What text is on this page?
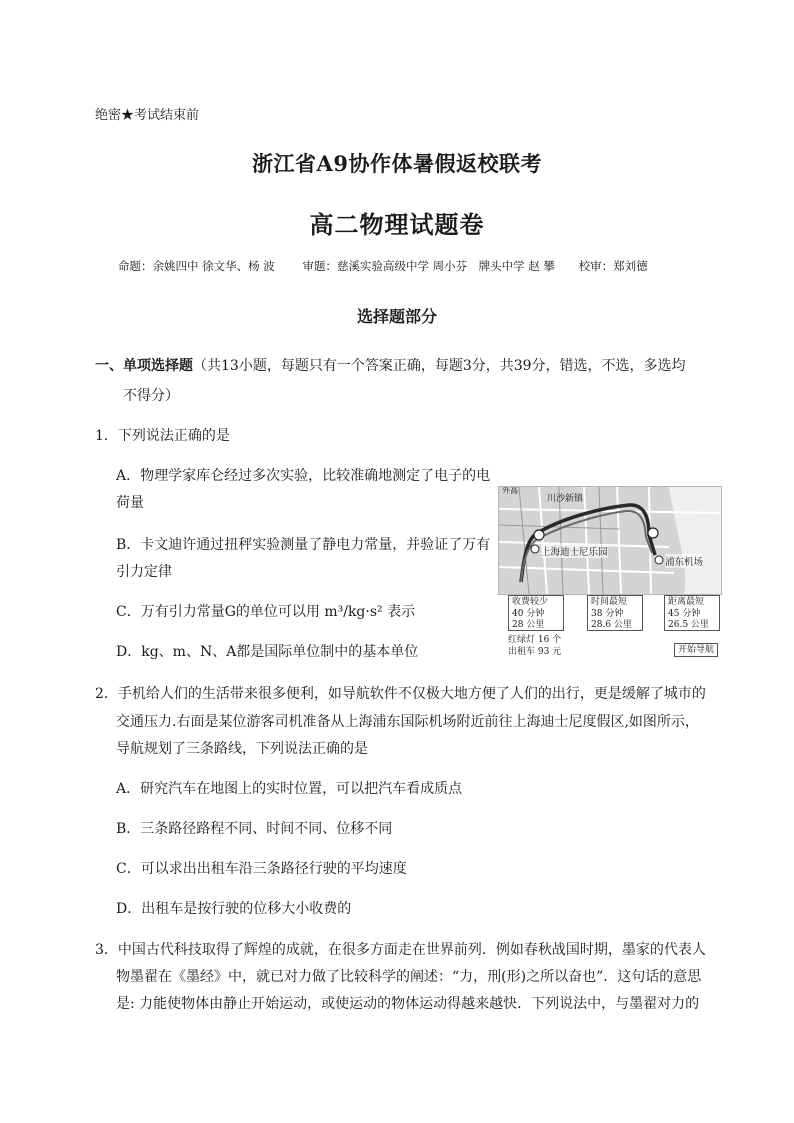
绝密★考试结束前
浙江省A9协作体暑假返校联考
高二物理试题卷
命题：余姚四中 徐文华、杨 波 审题：慈溪实验高级中学 周小芬　牌头中学 赵 攀 校审：郑刘德
选择题部分
一、单项选择题（共13小题，每题只有一个答案正确，每题3分，共39分，错选，不选，多选均
不得分）
1．下列说法正确的是
A．物理学家库仑经过多次实验，比较准确地测定了电子的电
荷量
B．卡文迪许通过扭秤实验测量了静电力常量，并验证了万有
引力定律
C．万有引力常量G的单位可以用 m³/kg·s² 表示
D．kg、m、N、A都是国际单位制中的基本单位
川沙新镇
外高
上海迪士尼乐园
浦东机场
收费较少
40 分钟
28 公里
时间最短
38 分钟
28.6 公里
距离最短
45 分钟
26.5 公里
红绿灯 16 个
出租车 93 元	开始导航
2．手机给人们的生活带来很多便利，如导航软件不仅极大地方便了人们的出行，更是缓解了城市的
交通压力.右面是某位游客司机准备从上海浦东国际机场附近前往上海迪士尼度假区,如图所示，
导航规划了三条路线，下列说法正确的是
A．研究汽车在地图上的实时位置，可以把汽车看成质点
B．三条路径路程不同、时间不同、位移不同
C．可以求出出租车沿三条路径行驶的平均速度
D．出租车是按行驶的位移大小收费的
3．中国古代科技取得了辉煌的成就，在很多方面走在世界前列．例如春秋战国时期，墨家的代表人
物墨翟在《墨经》中，就已对力做了比较科学的阐述：“力，刑(形)之所以奋也”．这句话的意思
是: 力能使物体由静止开始运动，或使运动的物体运动得越来越快．下列说法中，与墨翟对力的
